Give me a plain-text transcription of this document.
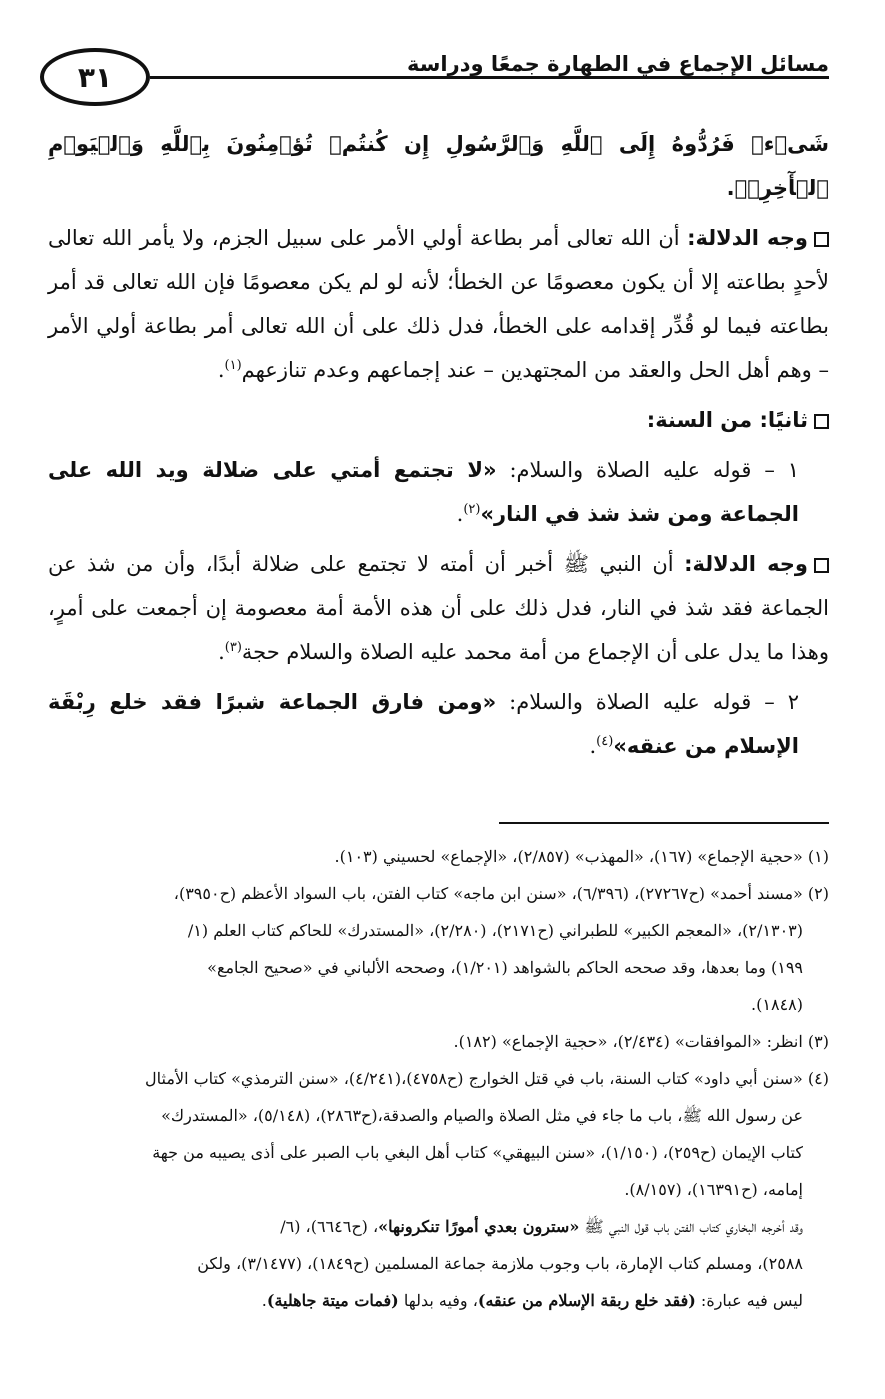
مسائل الإجماع في الطهارة جمعًا ودراسة
٣١

شَىۡءٖ فَرُدُّوهُ إِلَى ٱللَّهِ وَٱلرَّسُولِ إِن كُنتُمۡ تُؤۡمِنُونَ بِٱللَّهِ وَٱلۡيَوۡمِ ٱلۡأٓخِرِۚ﴾.

وجه الدلالة: أن الله تعالى أمر بطاعة أولي الأمر على سبيل الجزم، ولا يأمر الله تعالى لأحدٍ بطاعته إلا أن يكون معصومًا عن الخطأ؛ لأنه لو لم يكن معصومًا فإن الله تعالى قد أمر بطاعته فيما لو قُدِّر إقدامه على الخطأ، فدل ذلك على أن الله تعالى أمر بطاعة أولي الأمر – وهم أهل الحل والعقد من المجتهدين – عند إجماعهم وعدم تنازعهم$^{(١)}$.

ثانيًا: من السنة:

١ – قوله عليه الصلاة والسلام: «لا تجتمع أمتي على ضلالة ويد الله على الجماعة ومن شذ شذ في النار»$^{(٢)}$.

وجه الدلالة: أن النبي ﷺ أخبر أن أمته لا تجتمع على ضلالة أبدًا، وأن من شذ عن الجماعة فقد شذ في النار، فدل ذلك على أن هذه الأمة أمة معصومة إن أجمعت على أمرٍ، وهذا ما يدل على أن الإجماع من أمة محمد عليه الصلاة والسلام حجة$^{(٣)}$.

٢ – قوله عليه الصلاة والسلام: «ومن فارق الجماعة شبرًا فقد خلع رِبْقَة الإسلام من عنقه»$^{(٤)}$.

(١) «حجية الإجماع» (١٦٧)، «المهذب» (٢/٨٥٧)، «الإجماع» لحسيني (١٠٣).

(٢) «مسند أحمد» (ح٢٧٢٦٧)، (٦/٣٩٦)، «سنن ابن ماجه» كتاب الفتن، باب السواد الأعظم (ح٣٩٥٠)،

(٢/١٣٠٣)، «المعجم الكبير» للطبراني (ح٢١٧١)، (٢/٢٨٠)، «المستدرك» للحاكم كتاب العلم (١/

١٩٩) وما بعدها، وقد صححه الحاكم بالشواهد (١/٢٠١)، وصححه الألباني في «صحيح الجامع»

(١٨٤٨).

(٣) انظر: «الموافقات» (٢/٤٣٤)، «حجية الإجماع» (١٨٢).

(٤) «سنن أبي داود» كتاب السنة، باب في قتل الخوارج (ح٤٧٥٨)،(٤/٢٤١)، «سنن الترمذي» كتاب الأمثال

عن رسول الله ﷺ، باب ما جاء في مثل الصلاة والصيام والصدقة،(ح٢٨٦٣)، (٥/١٤٨)، «المستدرك»

كتاب الإيمان (ح٢٥٩)، (١/١٥٠)، «سنن البيهقي» كتاب أهل البغي باب الصبر على أذى يصيبه من جهة

إمامه، (ح١٦٣٩١)، (٨/١٥٧).

وقد أخرجه البخاري كتاب الفتن باب قول النبي ﷺ «سترون بعدي أمورًا تنكرونها»، (ح٦٦٤٦)، (٦/

٢٥٨٨)، ومسلم كتاب الإمارة، باب وجوب ملازمة جماعة المسلمين (ح١٨٤٩)، (٣/١٤٧٧)، ولكن

ليس فيه عبارة: (فقد خلع ربقة الإسلام من عنقه)، وفيه بدلها (فمات ميتة جاهلية).
